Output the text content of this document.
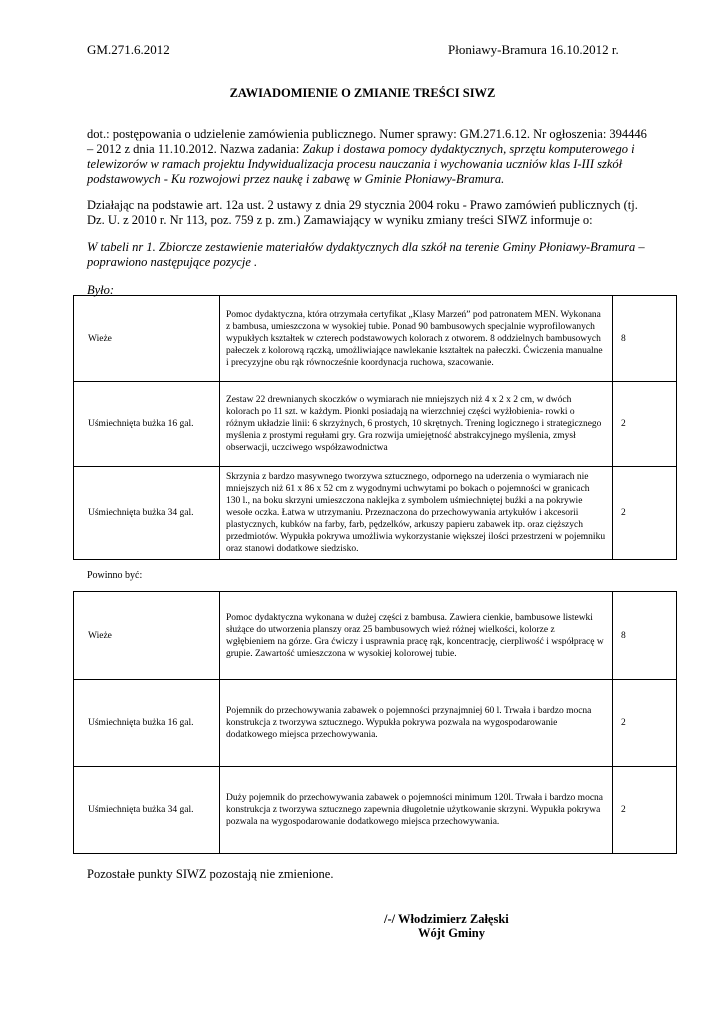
GM.271.6.2012	Płoniawy-Bramura 16.10.2012 r.
ZAWIADOMIENIE O ZMIANIE TREŚCI SIWZ
dot.: postępowania o udzielenie zamówienia publicznego. Numer sprawy: GM.271.6.12. Nr ogłoszenia: 394446 – 2012 z dnia 11.10.2012. Nazwa zadania: Zakup i dostawa pomocy dydaktycznych, sprzętu komputerowego i telewizorów w ramach projektu Indywidualizacja procesu nauczania i wychowania uczniów klas I-III szkół podstawowych - Ku rozwojowi przez naukę i zabawę w Gminie Płoniawy-Bramura.
Działając na podstawie art. 12a ust. 2 ustawy z dnia 29 stycznia 2004 roku - Prawo zamówień publicznych (tj. Dz. U. z 2010 r. Nr 113, poz. 759 z p. zm.) Zamawiający w wyniku zmiany treści SIWZ informuje o:
W tabeli nr 1. Zbiorcze zestawienie materiałów dydaktycznych dla szkół na terenie Gminy Płoniawy-Bramura – poprawiono następujące pozycje .
Było:
Wieże	Pomoc dydaktyczna, która otrzymała certyfikat „Klasy Marzeń” pod patronatem MEN. Wykonana z bambusa, umieszczona w wysokiej tubie. Ponad 90 bambusowych specjalnie wyprofilowanych wypukłych kształtek w czterech podstawowych kolorach z otworem. 8 oddzielnych bambusowych pałeczek z kolorową rączką, umożliwiające nawlekanie kształtek na pałeczki. Ćwiczenia manualne i precyzyjne obu rąk równocześnie koordynacja ruchowa, szacowanie.	8
Uśmiechnięta bużka 16 gal.	Zestaw 22 drewnianych skoczków o wymiarach nie mniejszych niż 4 x 2 x 2 cm, w dwóch kolorach po 11 szt. w każdym. Pionki posiadają na wierzchniej części wyżłobienia- rowki o różnym układzie linii: 6 skrzyżnych, 6 prostych, 10 skrętnych. Trening logicznego i strategicznego myślenia z prostymi regułami gry. Gra rozwija umiejętność abstrakcyjnego myślenia, zmysł obserwacji, uczciwego współzawodnictwa	2
Uśmiechnięta bużka 34 gal.	Skrzynia z bardzo masywnego tworzywa sztucznego, odpornego na uderzenia o wymiarach nie mniejszych niż 61 x 86 x 52 cm z wygodnymi uchwytami po bokach o pojemności w granicach 130 l., na boku skrzyni umieszczona naklejka z symbolem uśmiechniętej buźki a na pokrywie wesołe oczka. Łatwa w utrzymaniu. Przeznaczona do przechowywania artykułów i akcesorii plastycznych, kubków na farby, farb, pędzelków, arkuszy papieru zabawek itp. oraz cięższych przedmiotów. Wypukła pokrywa umożliwia wykorzystanie większej ilości przestrzeni w pojemniku oraz stanowi dodatkowe siedzisko.	2
Powinno być:
Wieże	Pomoc dydaktyczna wykonana w dużej części z bambusa. Zawiera cienkie, bambusowe listewki służące do utworzenia planszy oraz 25 bambusowych wież różnej wielkości, kolorze z wgłębieniem na górze. Gra ćwiczy i usprawnia pracę rąk, koncentrację, cierpliwość i współpracę w grupie. Zawartość umieszczona w wysokiej kolorowej tubie.	8
Uśmiechnięta bużka 16 gal.	Pojemnik do przechowywania zabawek o pojemności przynajmniej 60 l. Trwała i bardzo mocna konstrukcja z tworzywa sztucznego. Wypukła pokrywa pozwala na wygospodarowanie dodatkowego miejsca przechowywania.	2
Uśmiechnięta bużka 34 gal.	Duży pojemnik do przechowywania zabawek o pojemności minimum 120l. Trwała i bardzo mocna konstrukcja z tworzywa sztucznego zapewnia długoletnie użytkowanie skrzyni. Wypukła pokrywa pozwala na wygospodarowanie dodatkowego miejsca przechowywania.	2
Pozostałe punkty SIWZ pozostają nie zmienione.
/-/ Włodzimierz Załęski
Wójt Gminy
